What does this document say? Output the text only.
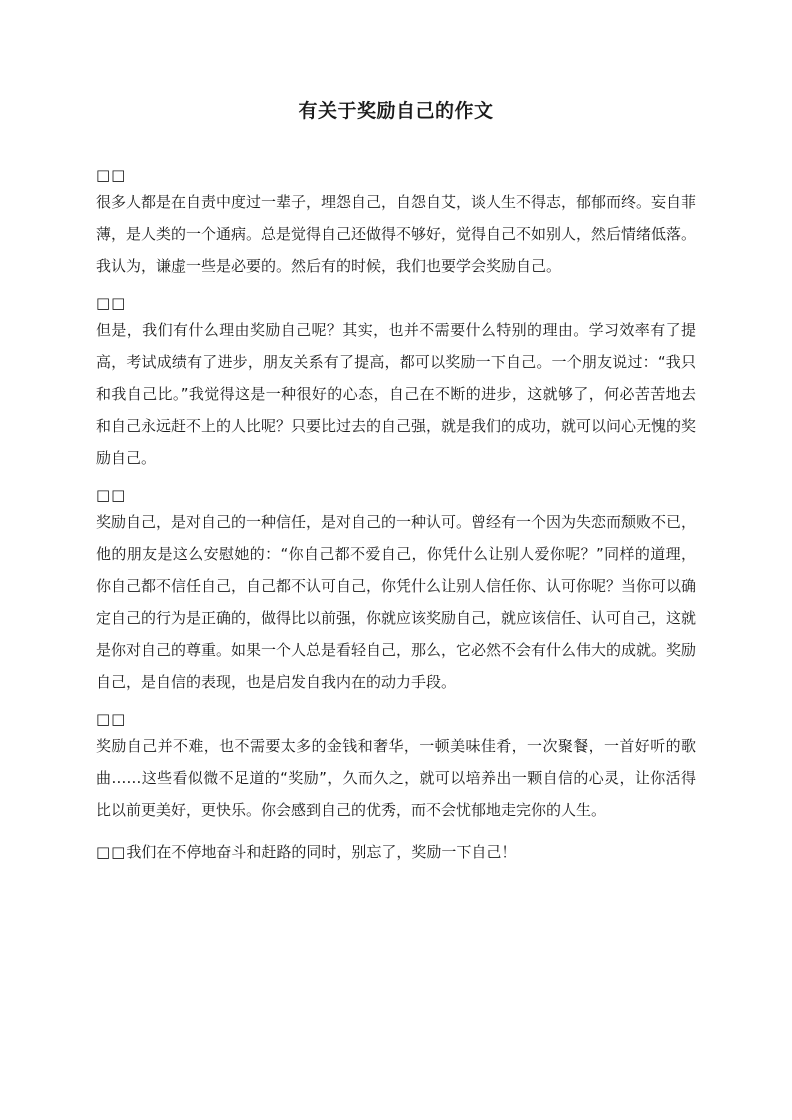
有关于奖励自己的作文
□□

很多人都是在自责中度过一辈子，埋怨自己，自怨自艾，谈人生不得志，郁郁而终。妄自菲薄，是人类的一个通病。总是觉得自己还做得不够好，觉得自己不如别人，然后情绪低落。我认为，谦虚一些是必要的。然后有的时候，我们也要学会奖励自己。

□□

但是，我们有什么理由奖励自己呢？其实，也并不需要什么特别的理由。学习效率有了提高，考试成绩有了进步，朋友关系有了提高，都可以奖励一下自己。一个朋友说过：“我只和我自己比。”我觉得这是一种很好的心态，自己在不断的进步，这就够了，何必苦苦地去和自己永远赶不上的人比呢？只要比过去的自己强，就是我们的成功，就可以问心无愧的奖励自己。

□□

奖励自己，是对自己的一种信任，是对自己的一种认可。曾经有一个因为失恋而颓败不已，他的朋友是这么安慰她的：“你自己都不爱自己，你凭什么让别人爱你呢？”同样的道理，你自己都不信任自己，自己都不认可自己，你凭什么让别人信任你、认可你呢？当你可以确定自己的行为是正确的，做得比以前强，你就应该奖励自己，就应该信任、认可自己，这就是你对自己的尊重。如果一个人总是看轻自己，那么，它必然不会有什么伟大的成就。奖励自己，是自信的表现，也是启发自我内在的动力手段。

□□

奖励自己并不难，也不需要太多的金钱和奢华，一顿美味佳肴，一次聚餐，一首好听的歌曲……这些看似微不足道的“奖励”，久而久之，就可以培养出一颗自信的心灵，让你活得比以前更美好，更快乐。你会感到自己的优秀，而不会忧郁地走完你的人生。

□□我们在不停地奋斗和赶路的同时，别忘了，奖励一下自己！
